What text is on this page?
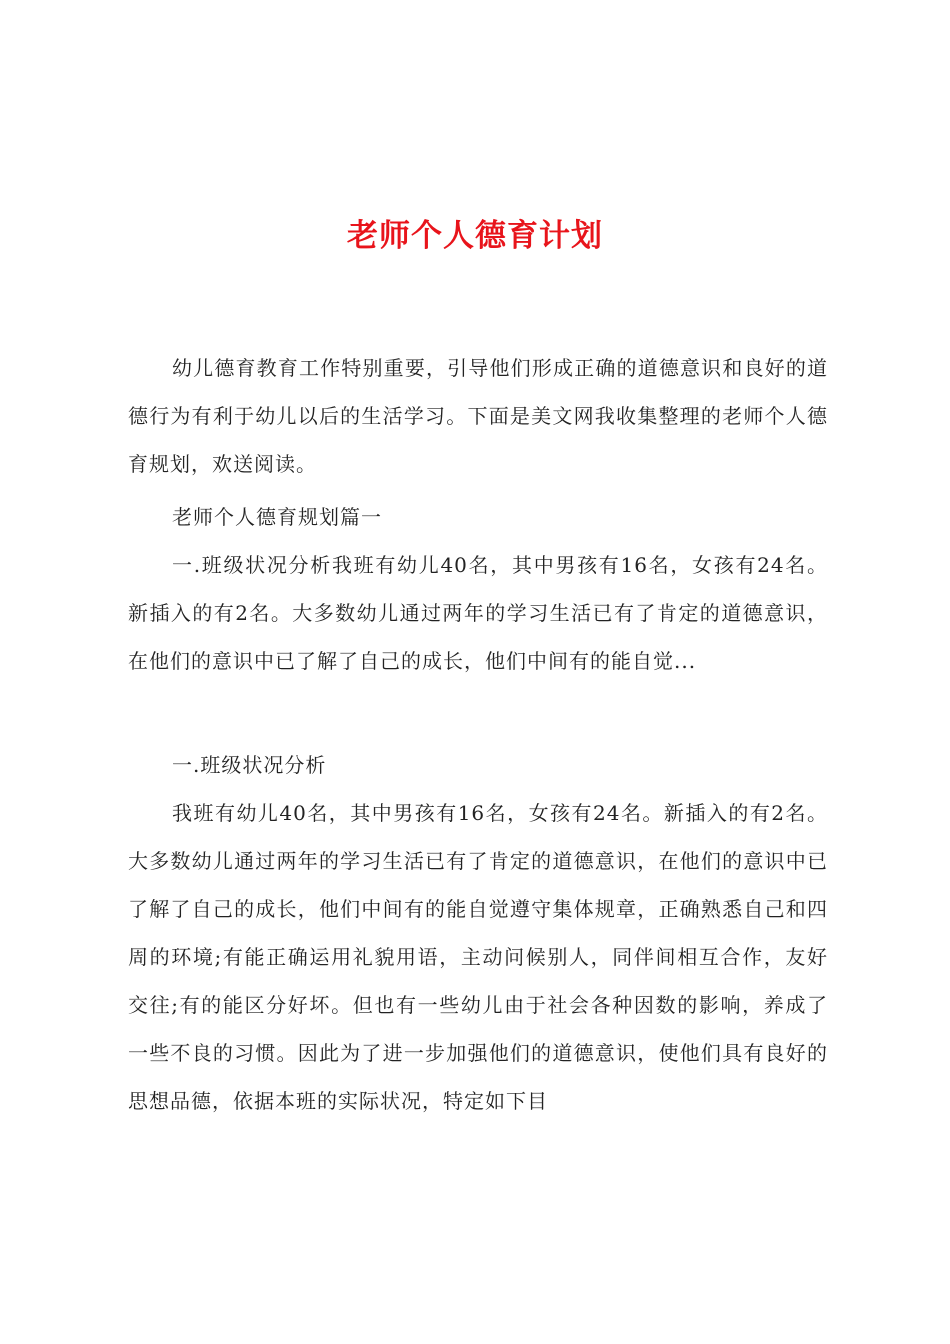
老师个人德育计划

幼儿德育教育工作特别重要，引导他们形成正确的道德意识和良好的道德行为有利于幼儿以后的生活学习。下面是美文网我收集整理的老师个人德育规划，欢送阅读。

老师个人德育规划篇一

一.班级状况分析我班有幼儿40名，其中男孩有16名，女孩有24名。新插入的有2名。大多数幼儿通过两年的学习生活已有了肯定的道德意识，在他们的意识中已了解了自己的成长，他们中间有的能自觉...

一.班级状况分析

我班有幼儿40名，其中男孩有16名，女孩有24名。新插入的有2名。大多数幼儿通过两年的学习生活已有了肯定的道德意识，在他们的意识中已了解了自己的成长，他们中间有的能自觉遵守集体规章，正确熟悉自己和四周的环境;有能正确运用礼貌用语，主动问候别人，同伴间相互合作，友好交往;有的能区分好坏。但也有一些幼儿由于社会各种因数的影响，养成了一些不良的习惯。因此为了进一步加强他们的道德意识，使他们具有良好的思想品德，依据本班的实际状况，特定如下目
